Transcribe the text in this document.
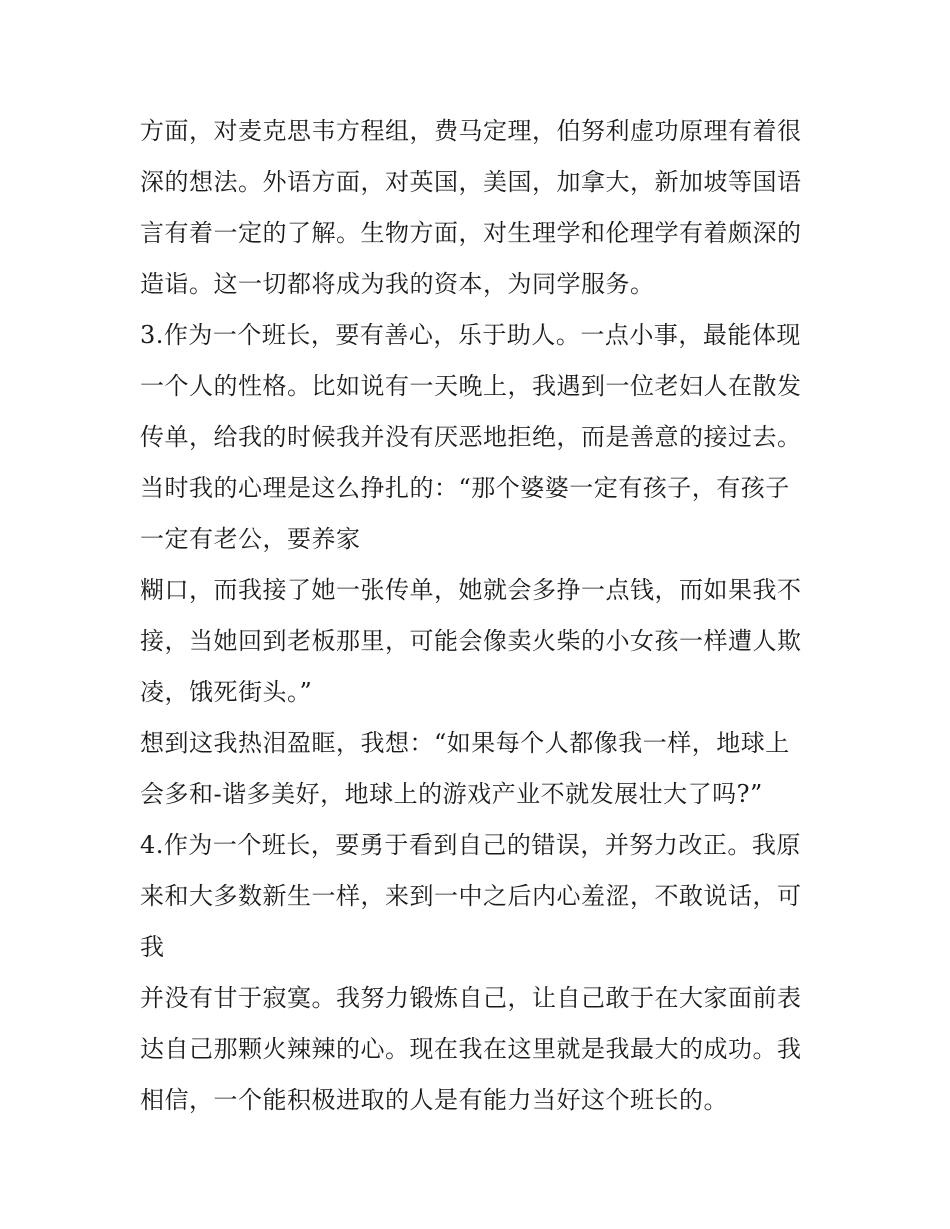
方面，对麦克思韦方程组，费马定理，伯努利虚功原理有着很
深的想法。外语方面，对英国，美国，加拿大，新加坡等国语
言有着一定的了解。生物方面，对生理学和伦理学有着颇深的
造诣。这一切都将成为我的资本，为同学服务。
3.作为一个班长，要有善心，乐于助人。一点小事，最能体现
一个人的性格。比如说有一天晚上，我遇到一位老妇人在散发
传单，给我的时候我并没有厌恶地拒绝，而是善意的接过去。
当时我的心理是这么挣扎的：“那个婆婆一定有孩子，有孩子
一定有老公，要养家
糊口，而我接了她一张传单，她就会多挣一点钱，而如果我不
接，当她回到老板那里，可能会像卖火柴的小女孩一样遭人欺
凌，饿死街头。”
想到这我热泪盈眶，我想：“如果每个人都像我一样，地球上
会多和-谐多美好，地球上的游戏产业不就发展壮大了吗?”
4.作为一个班长，要勇于看到自己的错误，并努力改正。我原
来和大多数新生一样，来到一中之后内心羞涩，不敢说话，可
我
并没有甘于寂寞。我努力锻炼自己，让自己敢于在大家面前表
达自己那颗火辣辣的心。现在我在这里就是我最大的成功。我
相信，一个能积极进取的人是有能力当好这个班长的。
